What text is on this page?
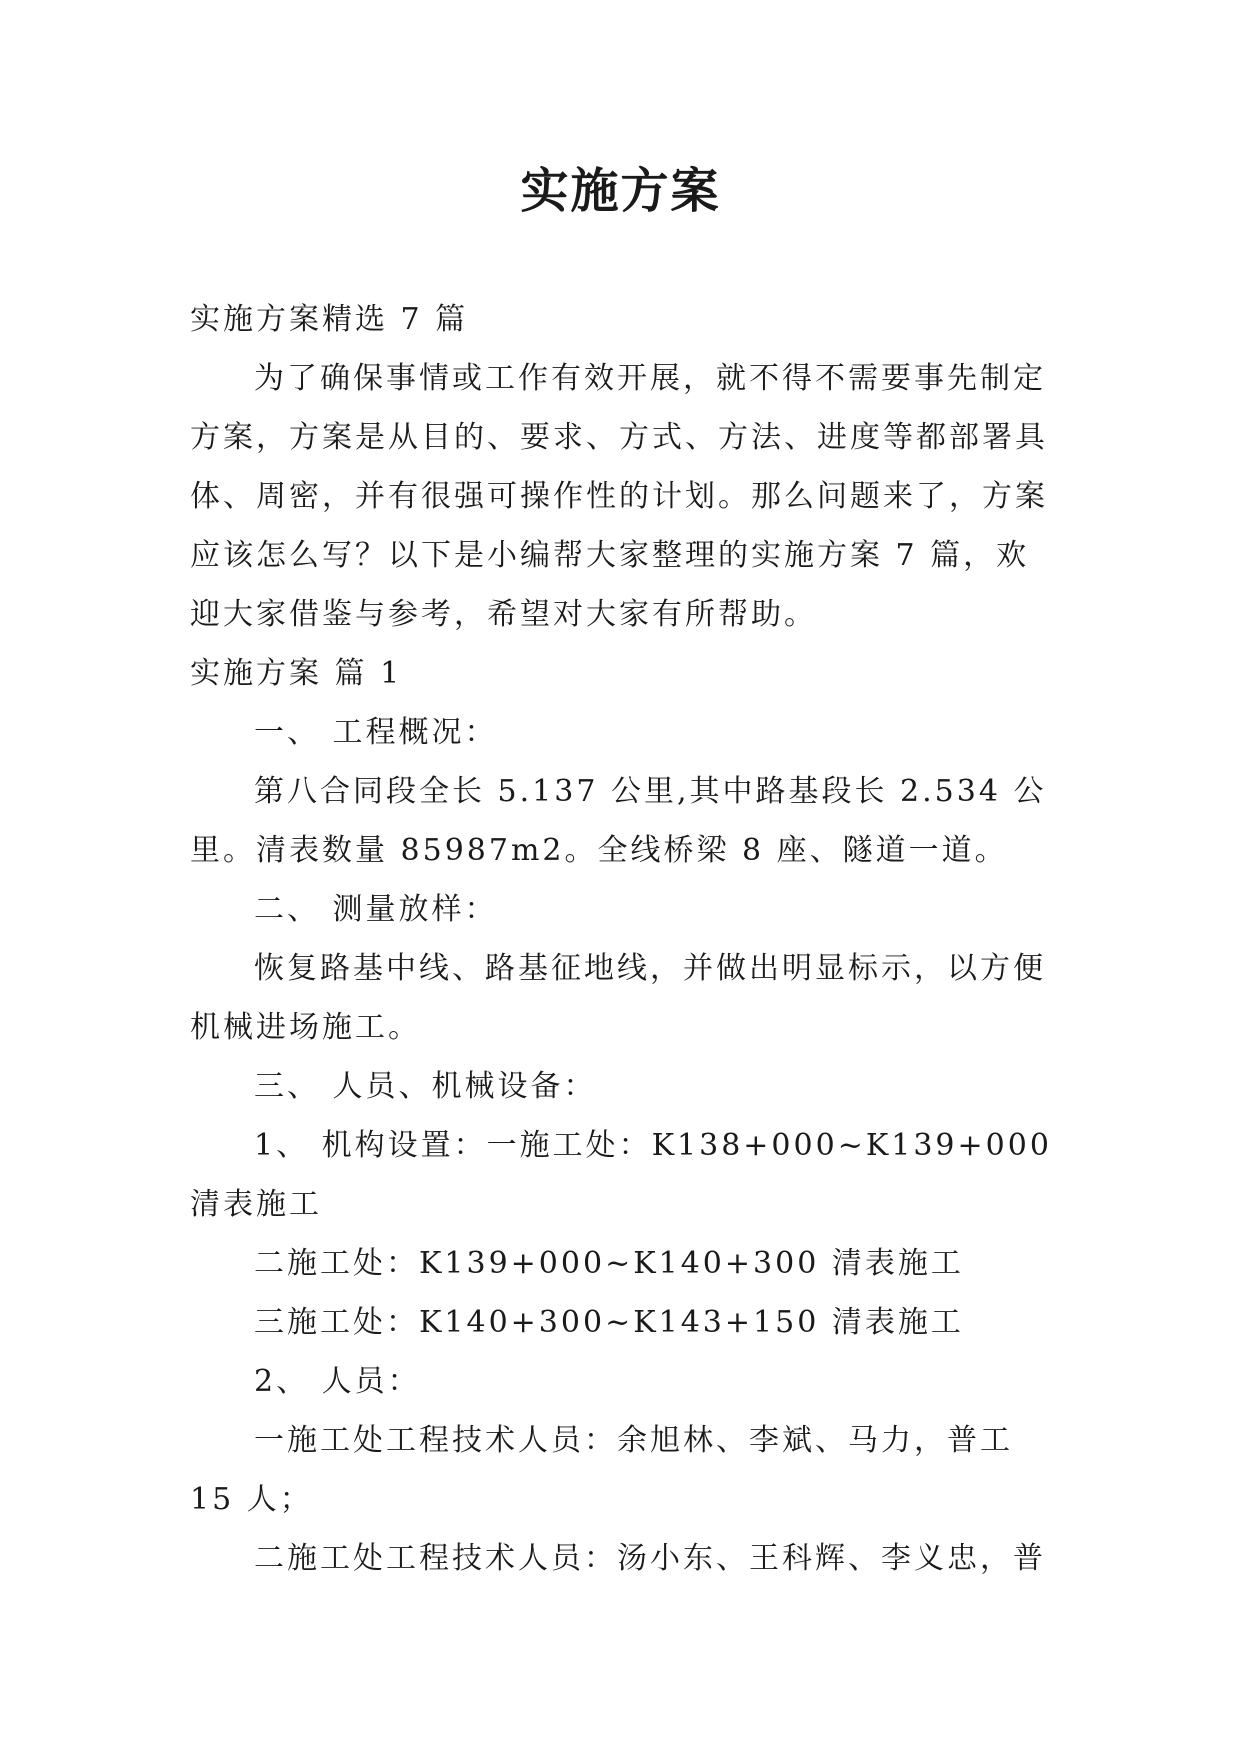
实施方案

实施方案精选 7 篇

为了确保事情或工作有效开展，就不得不需要事先制定方案，方案是从目的、要求、方式、方法、进度等都部署具体、周密，并有很强可操作性的计划。那么问题来了，方案应该怎么写？以下是小编帮大家整理的实施方案 7 篇，欢迎大家借鉴与参考，希望对大家有所帮助。

实施方案 篇 1

一、 工程概况：

第八合同段全长 5.137 公里,其中路基段长 2.534 公里。清表数量 85987m2。全线桥梁 8 座、隧道一道。

二、 测量放样：

恢复路基中线、路基征地线，并做出明显标示，以方便机械进场施工。

三、 人员、机械设备：

1、 机构设置：一施工处：K138+000~K139+000 清表施工

二施工处：K139+000~K140+300 清表施工

三施工处：K140+300~K143+150 清表施工

2、 人员：

一施工处工程技术人员：余旭林、李斌、马力，普工 15 人；

二施工处工程技术人员：汤小东、王科辉、李义忠，普
